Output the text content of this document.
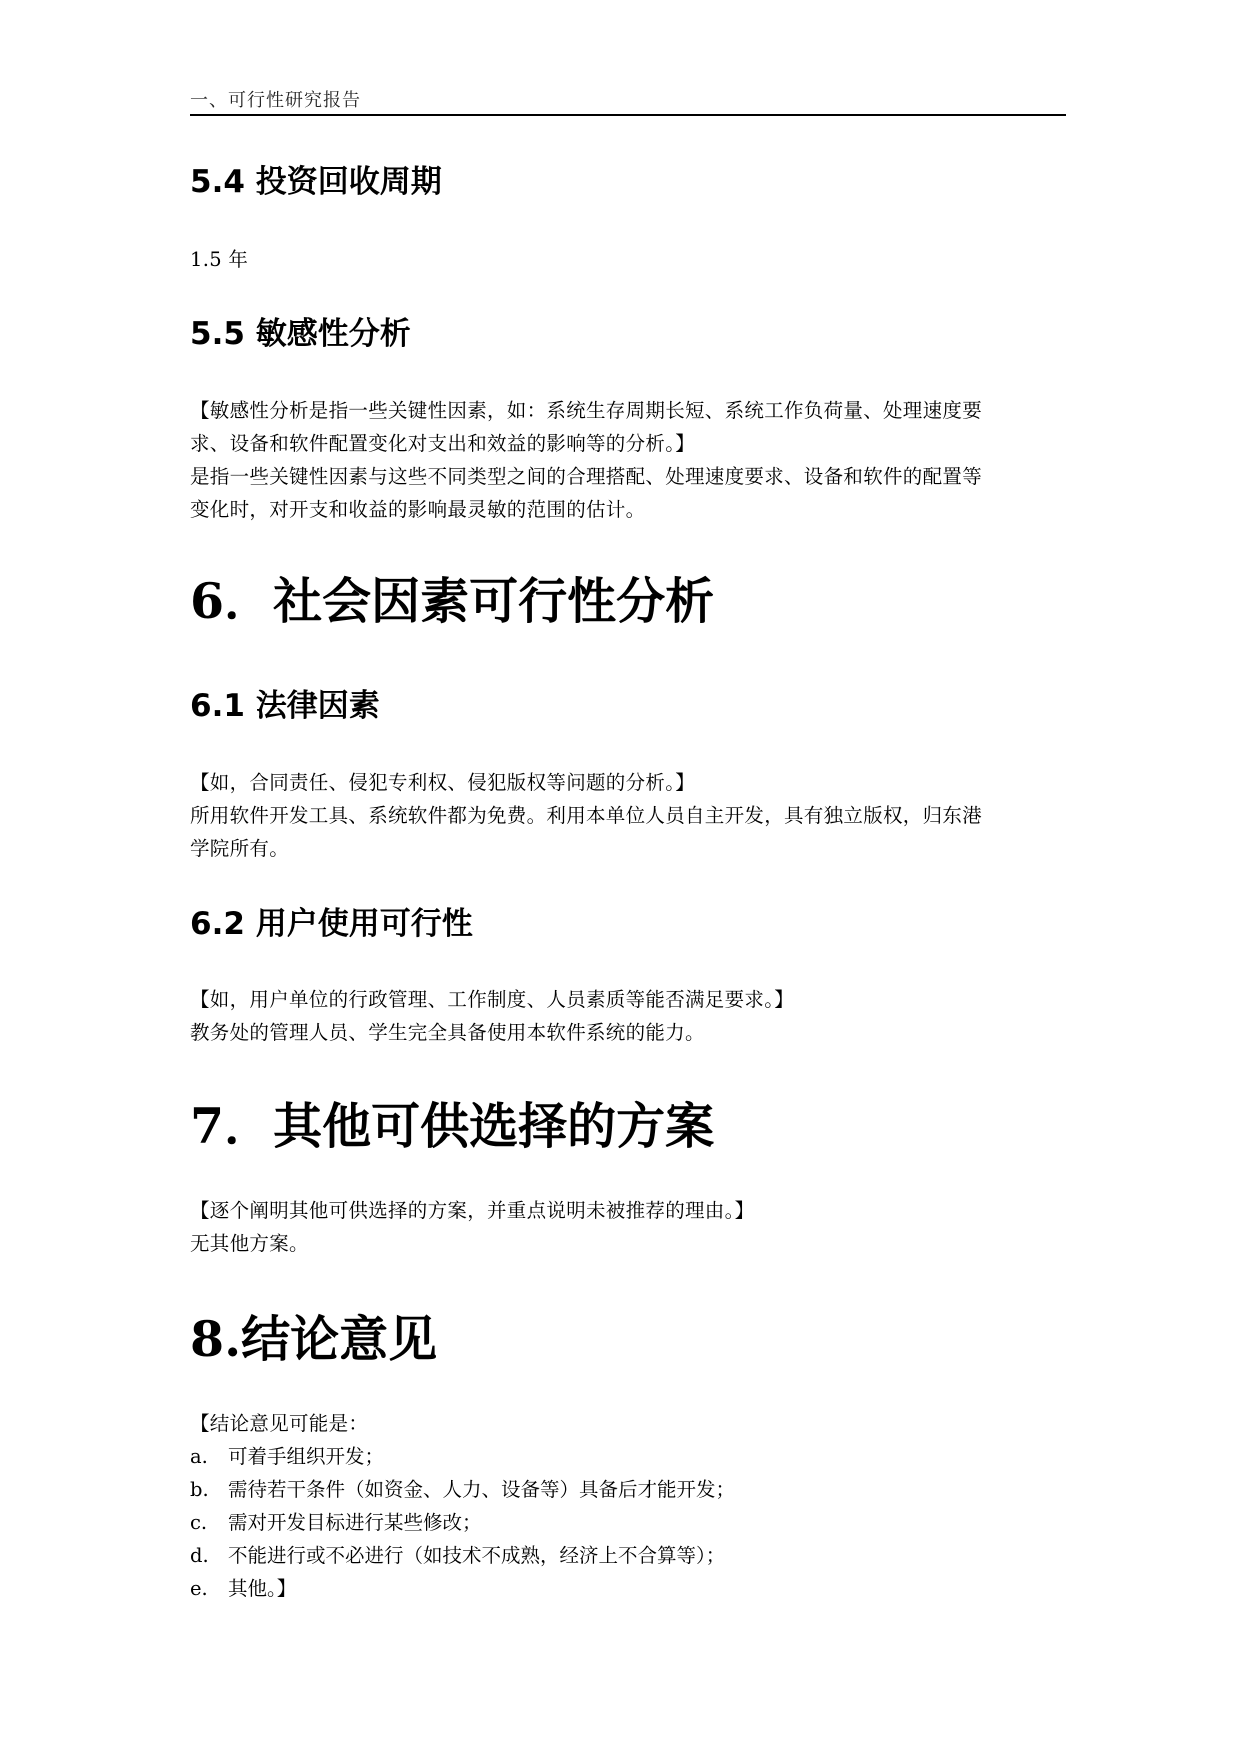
一、可行性研究报告
5.4 投资回收周期

1.5 年

5.5 敏感性分析

【敏感性分析是指一些关键性因素，如：系统生存周期长短、系统工作负荷量、处理速度要

求、设备和软件配置变化对支出和效益的影响等的分析。】

是指一些关键性因素与这些不同类型之间的合理搭配、处理速度要求、设备和软件的配置等

变化时，对开支和收益的影响最灵敏的范围的估计。

6．社会因素可行性分析
6.1 法律因素

【如，合同责任、侵犯专利权、侵犯版权等问题的分析。】

所用软件开发工具、系统软件都为免费。利用本单位人员自主开发，具有独立版权，归东港

学院所有。

6.2 用户使用可行性

【如，用户单位的行政管理、工作制度、人员素质等能否满足要求。】

教务处的管理人员、学生完全具备使用本软件系统的能力。

7．其他可供选择的方案

【逐个阐明其他可供选择的方案，并重点说明未被推荐的理由。】

无其他方案。

8.结论意见

【结论意见可能是：

a.	可着手组织开发；
b. 需待若干条件（如资金、人力、设备等）具备后才能开发；
c.	需对开发目标进行某些修改；
d. 不能进行或不必进行（如技术不成熟，经济上不合算等）；
e.	其他。】
